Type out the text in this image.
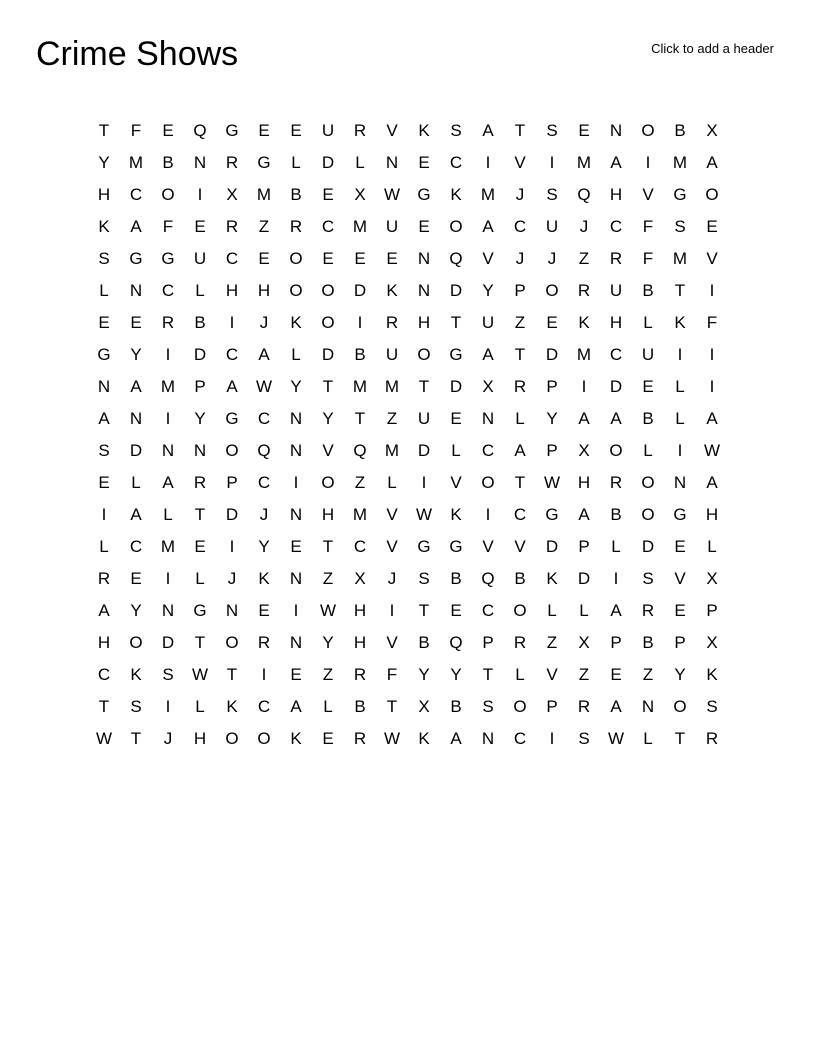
Crime Shows	Click to add a header
T	F	E	Q	G	E	E	U	R	V	K	S	A	T	S	E	N	O	B	X
Y	M	B	N	R	G	L	D	L	N	E	C	I	V	I	M	A	I	M	A
H	C	O	I	X	M	B	E	X	W	G	K	M	J	S	Q	H	V	G	O
K	A	F	E	R	Z	R	C	M	U	E	O	A	C	U	J	C	F	S	E
S	G	G	U	C	E	O	E	E	E	N	Q	V	J	J	Z	R	F	M	V
L	N	C	L	H	H	O	O	D	K	N	D	Y	P	O	R	U	B	T	I
E	E	R	B	I	J	K	O	I	R	H	T	U	Z	E	K	H	L	K	F
G	Y	I	D	C	A	L	D	B	U	O	G	A	T	D	M	C	U	I	I
N	A	M	P	A	W	Y	T	M	M	T	D	X	R	P	I	D	E	L	I
A	N	I	Y	G	C	N	Y	T	Z	U	E	N	L	Y	A	A	B	L	A
S	D	N	N	O	Q	N	V	Q	M	D	L	C	A	P	X	O	L	I	W
E	L	A	R	P	C	I	O	Z	L	I	V	O	T	W	H	R	O	N	A
I	A	L	T	D	J	N	H	M	V	W	K	I	C	G	A	B	O	G	H
L	C	M	E	I	Y	E	T	C	V	G	G	V	V	D	P	L	D	E	L
R	E	I	L	J	K	N	Z	X	J	S	B	Q	B	K	D	I	S	V	X
A	Y	N	G	N	E	I	W	H	I	T	E	C	O	L	L	A	R	E	P
H	O	D	T	O	R	N	Y	H	V	B	Q	P	R	Z	X	P	B	P	X
C	K	S	W	T	I	E	Z	R	F	Y	Y	T	L	V	Z	E	Z	Y	K
T	S	I	L	K	C	A	L	B	T	X	B	S	O	P	R	A	N	O	S
W	T	J	H	O	O	K	E	R	W	K	A	N	C	I	S	W	L	T	R
